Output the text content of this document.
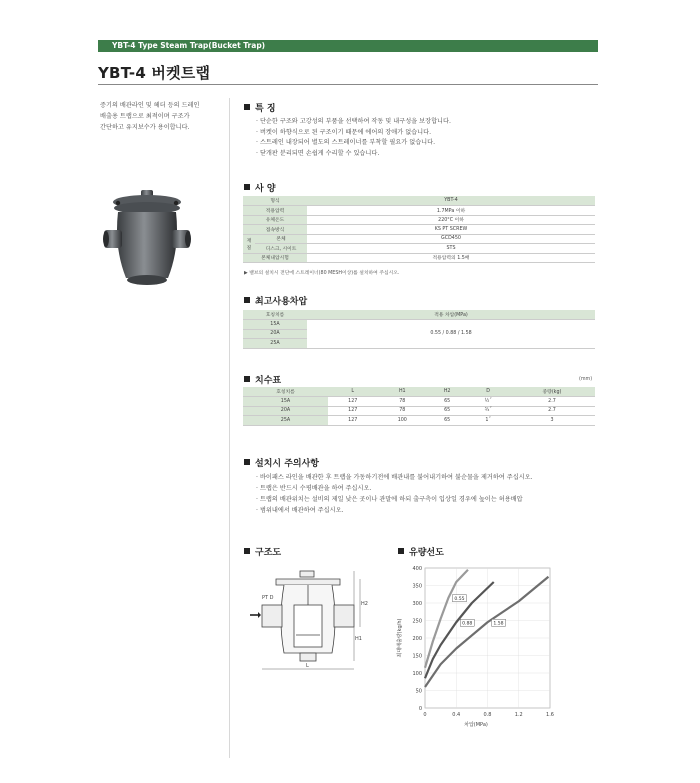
YBT-4 Type Steam Trap(Bucket Trap)
YBT-4 버켓트랩
증기의 배관라인 및 헤더 등의 드레인
배출용 트랩으로 최적이며 구조가
간단하고 유지보수가 용이합니다.
특 징
· 단순한 구조와 고강성의 부품을 선택하여 작동 및 내구성을 보장합니다.
· 버켓이 하향식으로 된 구조이기 때문에 에어의 장애가 없습니다.
· 스트레인 내장되어 별도의 스트레이너를 부착할 필요가 없습니다.
· 닫개판 분리되면 손쉽게 수리할 수 있습니다.
사 양
형식		YBT-4
적용압력		1.7MPa 이하
유체온도		220°C 이하
접속방식		KS PT SCREW
재질	본체	GCD450
	디스크, 시이트	STS
본체내압시험		적용압력의 1.5배
▶ 밸브의 설치시 전단에 스트레이너(80 MESH이상)를 설치하여 주십시오.
최고사용차압
호칭치름	적용 차압(MPa)
15A	0.55 / 0.88 / 1.58
20A	
25A	
치수표	(mm)
호칭치름	L	H1	H2	D	중량(kg)
15A	127	78	65	½˝	2.7
20A	127	78	65	¾˝	2.7
25A	127	100	65	1˝	3
설치시 주의사항
· 바이패스 라인을 배관한 후 트랩을 가동하기전에 배관내를 불어내기하여 불순물을 제거하여 주십시오.
· 트랩은 반드시 수평배관을 하여 주십시오.
· 트랩의 배관위치는 설비의 제일 낮은 곳이나 관말에 하되 출구측이 입상일 경우에 높이는 허용배압
· 범위내에서 배관하여 주십시오.
구조도
PT D
H1
H2
L
유량선도
0.55
0.88	1.58
0	0.4	0.8	1.2	1.6
0
50
100
150
200
250
300
350
400
차압(MPa)
최대배출량(kg/h)
